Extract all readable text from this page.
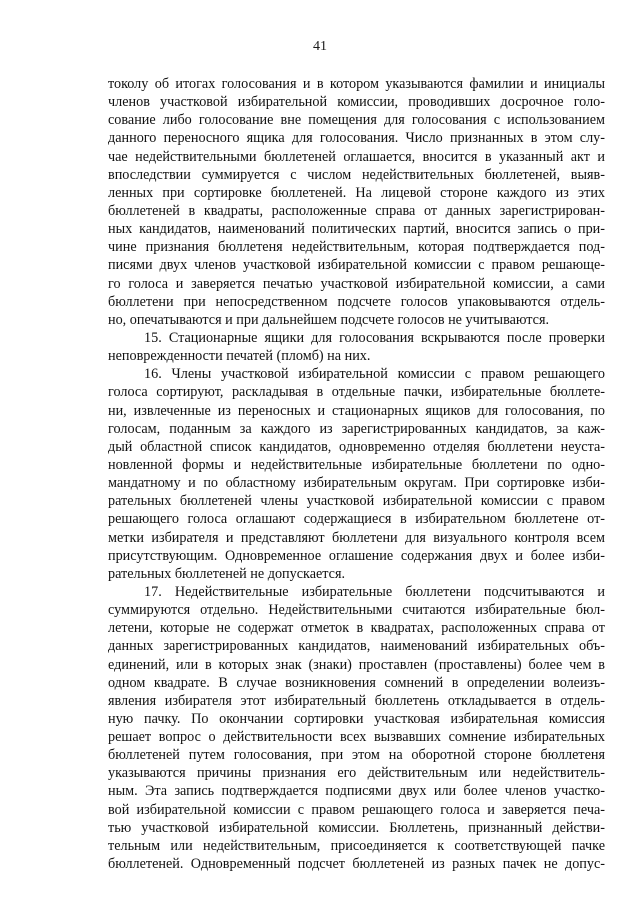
41
токолу об итогах голосования и в котором указываются фамилии и инициалы
членов участковой избирательной комиссии, проводивших досрочное голо-
сование либо голосование вне помещения для голосования с использованием
данного переносного ящика для голосования. Число признанных в этом слу-
чае недействительными бюллетеней оглашается, вносится в указанный акт и
впоследствии суммируется с числом недействительных бюллетеней, выяв-
ленных при сортировке бюллетеней. На лицевой стороне каждого из этих
бюллетеней в квадраты, расположенные справа от данных зарегистрирован-
ных кандидатов, наименований политических партий, вносится запись о при-
чине признания бюллетеня недействительным, которая подтверждается под-
писями двух членов участковой избирательной комиссии с правом решающе-
го голоса и заверяется печатью участковой избирательной комиссии, а сами
бюллетени при непосредственном подсчете голосов упаковываются отдель-
но, опечатываются и при дальнейшем подсчете голосов не учитываются.
15. Стационарные ящики для голосования вскрываются после проверки
неповрежденности печатей (пломб) на них.
16. Члены участковой избирательной комиссии с правом решающего
голоса сортируют, раскладывая в отдельные пачки, избирательные бюллете-
ни, извлеченные из переносных и стационарных ящиков для голосования, по
голосам, поданным за каждого из зарегистрированных кандидатов, за каж-
дый областной список кандидатов, одновременно отделяя бюллетени неуста-
новленной формы и недействительные избирательные бюллетени по одно-
мандатному и по областному избирательным округам. При сортировке изби-
рательных бюллетеней члены участковой избирательной комиссии с правом
решающего голоса оглашают содержащиеся в избирательном бюллетене от-
метки избирателя и представляют бюллетени для визуального контроля всем
присутствующим. Одновременное оглашение содержания двух и более изби-
рательных бюллетеней не допускается.
17. Недействительные избирательные бюллетени подсчитываются и
суммируются отдельно. Недействительными считаются избирательные бюл-
летени, которые не содержат отметок в квадратах, расположенных справа от
данных зарегистрированных кандидатов, наименований избирательных объ-
единений, или в которых знак (знаки) проставлен (проставлены) более чем в
одном квадрате. В случае возникновения сомнений в определении волеизъ-
явления избирателя этот избирательный бюллетень откладывается в отдель-
ную пачку. По окончании сортировки участковая избирательная комиссия
решает вопрос о действительности всех вызвавших сомнение избирательных
бюллетеней путем голосования, при этом на оборотной стороне бюллетеня
указываются причины признания его действительным или недействитель-
ным. Эта запись подтверждается подписями двух или более членов участко-
вой избирательной комиссии с правом решающего голоса и заверяется печа-
тью участковой избирательной комиссии. Бюллетень, признанный действи-
тельным или недействительным, присоединяется к соответствующей пачке
бюллетеней. Одновременный подсчет бюллетеней из разных пачек не допус-
